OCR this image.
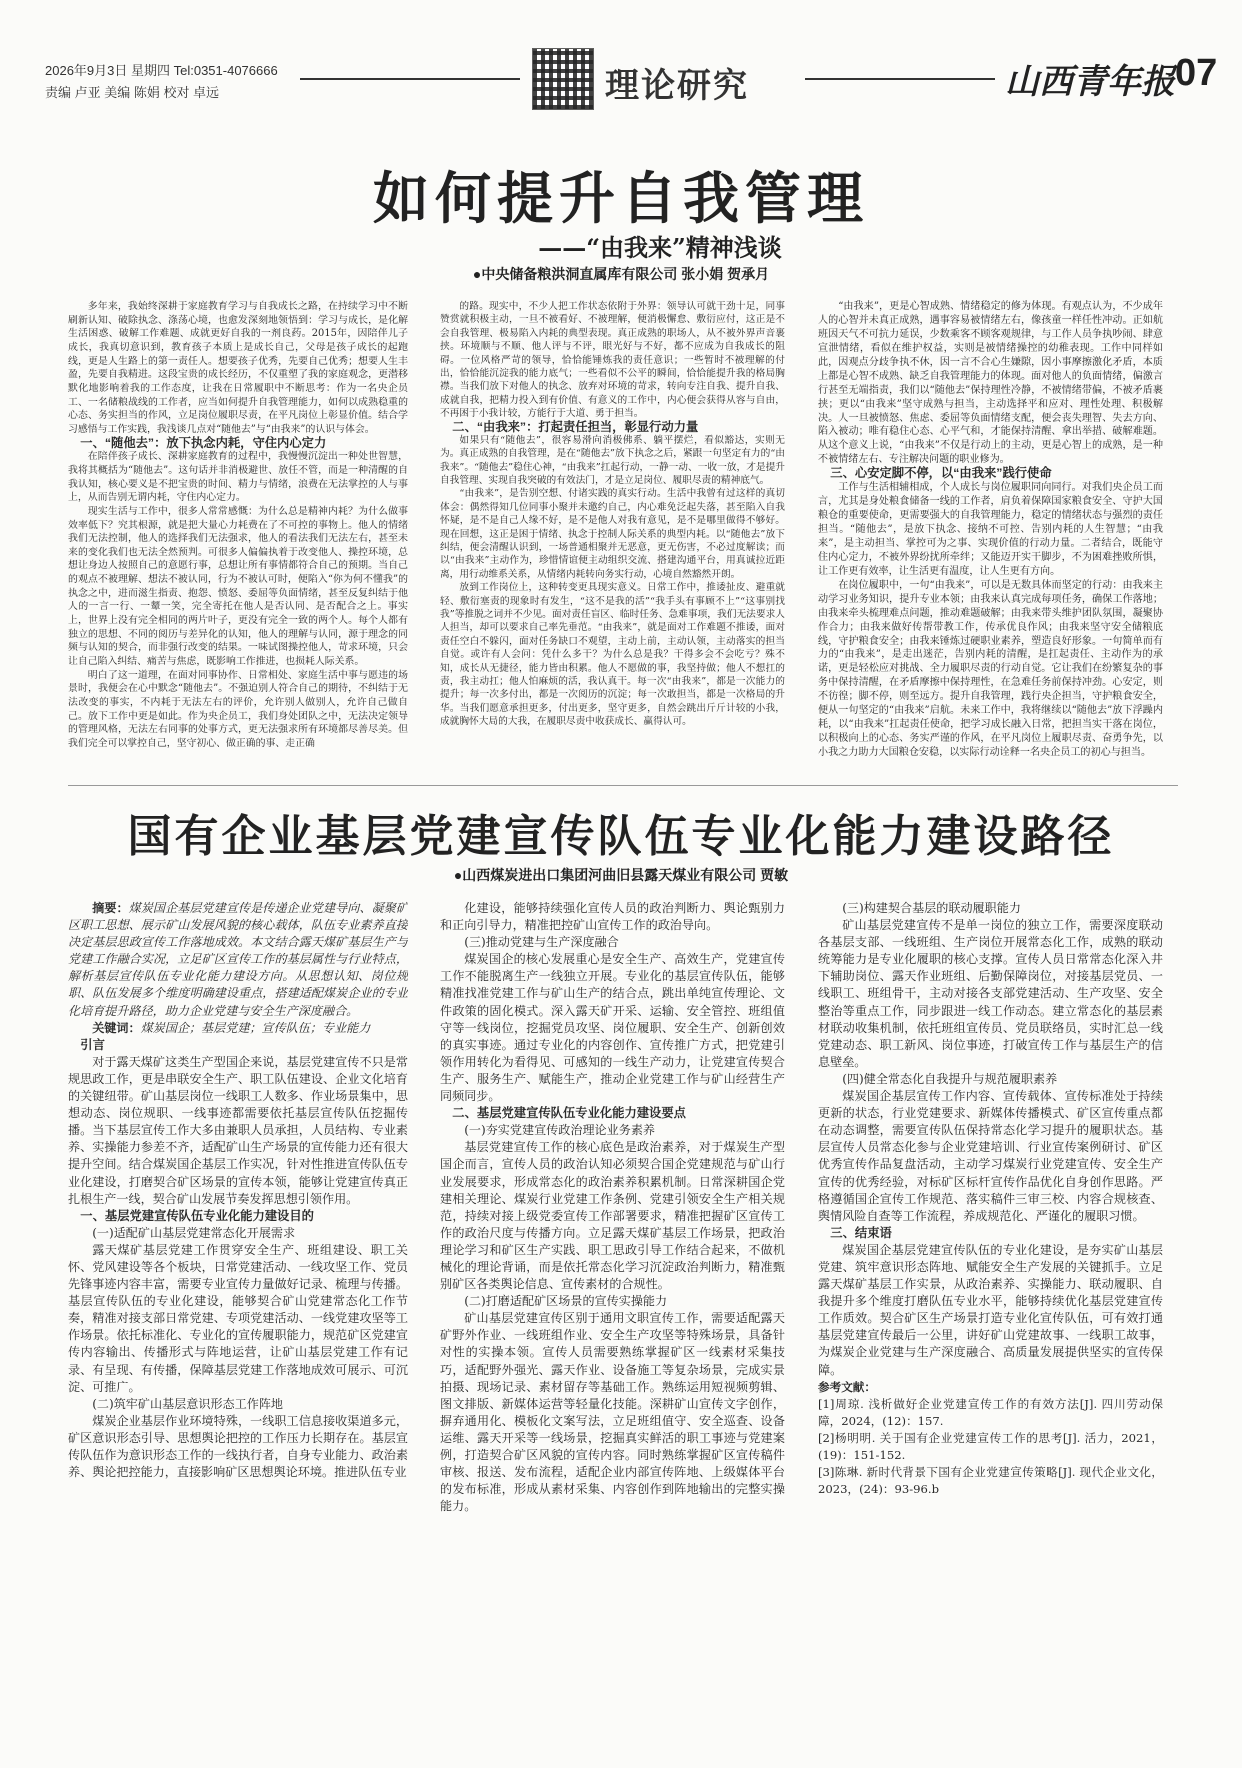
2026年9月3日 星期四 Tel:0351-4076666
责编 卢亚 美编 陈娟 校对 卓远	理论研究	山西青年报 07
如何提升自我管理
——“由我来”精神浅谈
●中央储备粮洪洞直属库有限公司 张小娟 贺承月

多年来，我始终深耕于家庭教育学习与自我成长之路，在持续学习中不断刷新认知、破除执念、涤荡心境，也愈发深刻地领悟到：学习与成长，是化解生活困惑、破解工作难题、成就更好自我的一剂良药。2015年，因陪伴儿子成长，我真切意识到，教育孩子本质上是成长自己，父母是孩子成长的起跑线，更是人生路上的第一责任人。想要孩子优秀，先要自己优秀；想要人生丰盈，先要自我精进。这段宝贵的成长经历，不仅重塑了我的家庭观念，更潜移默化地影响着我的工作态度，让我在日常履职中不断思考：作为一名央企员工、一名储粮战线的工作者，应当如何提升自我管理能力，如何以成熟稳重的心态、务实担当的作风，立足岗位履职尽责，在平凡岗位上彰显价值。结合学习感悟与工作实践，我浅谈几点对“随他去”与“由我来”的认识与体会。

一、“随他去”：放下执念内耗，守住内心定力

在陪伴孩子成长、深耕家庭教育的过程中，我慢慢沉淀出一种处世智慧，我将其概括为“随他去”。这句话并非消极避世、放任不管，而是一种清醒的自我认知，核心要义是不把宝贵的时间、精力与情绪，浪费在无法掌控的人与事上，从而告别无谓内耗，守住内心定力。

现实生活与工作中，很多人常常感慨：为什么总是精神内耗？为什么做事效率低下？究其根源，就是把大量心力耗费在了不可控的事物上。他人的情绪我们无法控制，他人的选择我们无法强求，他人的看法我们无法左右，甚至未来的变化我们也无法全然预判。可很多人偏偏执着于改变他人、操控环境，总想让身边人按照自己的意愿行事，总想让所有事情都符合自己的预期。当自己的观点不被理解、想法不被认同，行为不被认可时，便陷入“你为何不懂我”的执念之中，进而滋生指责、抱怨、愤怒、委屈等负面情绪，甚至反复纠结于他人的一言一行、一颦一笑，完全寄托在他人是否认同、是否配合之上。事实上，世界上没有完全相同的两片叶子，更没有完全一致的两个人。每个人都有独立的思想、不同的阅历与差异化的认知，他人的理解与认同，源于理念的同频与认知的契合，而非强行改变的结果。一味试图操控他人，苛求环境，只会让自己陷入纠结、痛苦与焦虑，既影响工作推进，也损耗人际关系。

明白了这一道理，在面对同事协作、日常相处、家庭生活中事与愿违的场景时，我便会在心中默念“随他去”。不强迫别人符合自己的期待，不纠结于无法改变的事实，不内耗于无法左右的评价，允许别人做别人，允许自己做自己。放下工作中更是如此。作为央企员工，我们身处团队之中，无法决定领导的管理风格，无法左右同事的处事方式，更无法强求所有环境都尽善尽美。但我们完全可以掌控自己，坚守初心、做正确的事、走正确

的路。现实中，不少人把工作状态依附于外界：领导认可就干劲十足，同事赞赏就积极主动，一旦不被看好、不被理解，便消极懈怠、敷衍应付，这正是不会自我管理、极易陷入内耗的典型表现。真正成熟的职场人，从不被外界声音裹挟。环境顺与不顺、他人评与不评，眼光好与不好，都不应成为自我成长的阻碍。一位风格严苛的领导，恰恰能锤炼我的责任意识；一些暂时不被理解的付出，恰恰能沉淀我的能力底气；一些看似不公平的瞬间，恰恰能提升我的格局胸襟。当我们放下对他人的执念、放弃对环境的苛求，转向专注自我、提升自我、成就自我，把精力投入到有价值、有意义的工作中，内心便会获得从容与自由，不再困于小我计较，方能行于大道、勇于担当。

二、“由我来”：打起责任担当，彰显行动力量

如果只有“随他去”，很容易滑向消极佛系、躺平摆烂，看似豁达，实则无为。真正成熟的自我管理，是在“随他去”放下执念之后，紧跟一句坚定有力的“由我来”。“随他去”稳住心神，“由我来”扛起行动，一静一动、一收一放，才是提升自我管理、实现自我突破的有效法门，才是立足岗位、履职尽责的精神底气。

“由我来”，是告别空想、付诸实践的真实行动。生活中我曾有过这样的真切体会：偶然得知几位同事小聚并未邀约自己，内心难免泛起失落，甚至陷入自我怀疑，是不是自己人缘不好，是不是他人对我有意见，是不是哪里做得不够好。现在回想，这正是困于情绪、执念于控制人际关系的典型内耗。以“随他去”放下纠结，便会清醒认识到，一场普通相聚并无恶意，更无伤害，不必过度解读；而以“由我来”主动作为，珍惜情谊便主动组织交流、搭建沟通平台，用真诚拉近距离，用行动维系关系，从情绪内耗转向务实行动，心境自然豁然开朗。

放到工作岗位上，这种转变更具现实意义。日常工作中，推诿扯皮、避重就轻、敷衍塞责的现象时有发生，“这不是我的活”“我手头有事顾不上”“这事别找我”等推脱之词并不少见。面对责任盲区、临时任务、急难事项，我们无法要求人人担当，却可以要求自己率先垂范。“由我来”，就是面对工作难题不推诿，面对责任空白不躲闪，面对任务缺口不观望，主动上前，主动认领，主动落实的担当自觉。或许有人会问：凭什么多干？为什么总是我？干得多会不会吃亏？殊不知，成长从无捷径，能力皆由积累。他人不愿做的事，我坚持做；他人不想扛的责，我主动扛；他人怕麻烦的活，我认真干。每一次“由我来”，都是一次能力的提升；每一次多付出，都是一次阅历的沉淀；每一次敢担当，都是一次格局的升华。当我们愿意承担更多，付出更多，坚守更多，自然会跳出斤斤计较的小我，成就胸怀大局的大我，在履职尽责中收获成长、赢得认可。

“由我来”，更是心智成熟、情绪稳定的修为体现。有观点认为，不少成年人的心智并未真正成熟，遇事容易被情绪左右，像孩童一样任性冲动。正如航班因天气不可抗力延误，少数乘客不顾客观规律，与工作人员争执吵闹、肆意宣泄情绪，看似在维护权益，实则是被情绪操控的幼稚表现。工作中同样如此，因观点分歧争执不休，因一言不合心生嫌隙，因小事摩擦激化矛盾，本质上都是心智不成熟、缺乏自我管理能力的体现。面对他人的负面情绪，偏激言行甚至无端指责，我们以“随他去”保持理性冷静，不被情绪带偏，不被矛盾裹挟；更以“由我来”坚守成熟与担当，主动选择平和应对、理性处理、积极解决。人一旦被愤怒、焦虑、委屈等负面情绪支配，便会丧失理智、失去方向、陷入被动；唯有稳住心态、心平气和，才能保持清醒、拿出举措、破解难题。从这个意义上说，“由我来”不仅是行动上的主动，更是心智上的成熟，是一种不被情绪左右、专注解决问题的职业修为。

三、心安定脚不停，以“由我来”践行使命

工作与生活相辅相成，个人成长与岗位履职同向同行。对我们央企员工而言，尤其是身处粮食储备一线的工作者，肩负着保障国家粮食安全、守护大国粮仓的重要使命，更需要强大的自我管理能力，稳定的情绪状态与强烈的责任担当。“随他去”，是放下执念、接纳不可控、告别内耗的人生智慧；“由我来”，是主动担当、掌控可为之事、实现价值的行动力量。二者结合，既能守住内心定力，不被外界纷扰所牵绊；又能迈开实干脚步，不为困难挫败所惧，让工作更有效率，让生活更有温度，让人生更有方向。

在岗位履职中，一句“由我来”，可以是无数具体而坚定的行动：由我来主动学习业务知识，提升专业本领；由我来认真完成每项任务，确保工作落地；由我来牵头梳理难点问题，推动难题破解；由我来带头维护团队氛围，凝聚协作合力；由我来做好传帮带教工作，传承优良作风；由我来坚守安全储粮底线，守护粮食安全；由我来锤炼过硬职业素养，塑造良好形象。一句简单而有力的“由我来”，是走出迷茫，告别内耗的清醒，是扛起责任、主动作为的承诺，更是轻松应对挑战、全力履职尽责的行动自觉。它让我们在纷繁复杂的事务中保持清醒，在矛盾摩擦中保持理性，在急难任务前保持冲劲。心安定，则不彷徨；脚不停，则至远方。提升自我管理，践行央企担当，守护粮食安全，便从一句坚定的“由我来”启航。未来工作中，我将继续以“随他去”放下浮躁内耗，以“由我来”扛起责任使命，把学习成长融入日常，把担当实干落在岗位，以积极向上的心态、务实严谨的作风，在平凡岗位上履职尽责、奋勇争先，以小我之力助力大国粮仓安稳，以实际行动诠释一名央企员工的初心与担当。

国有企业基层党建宣传队伍专业化能力建设路径
●山西煤炭进出口集团河曲旧县露天煤业有限公司 贾敏

摘要：煤炭国企基层党建宣传是传递企业党建导向、凝聚矿区职工思想、展示矿山发展风貌的核心载体，队伍专业素养直接决定基层思政宣传工作落地成效。本文结合露天煤矿基层生产与党建工作融合实况，立足矿区宣传工作的基层属性与行业特点，解析基层宣传队伍专业化能力建设方向。从思想认知、岗位规职、队伍发展多个维度明确建设重点，搭建适配煤炭企业的专业化培育提升路径，助力企业党建与安全生产深度融合。

关键词：煤炭国企；基层党建；宣传队伍；专业能力

引言

对于露天煤矿这类生产型国企来说，基层党建宣传不只是常规思政工作，更是串联安全生产、职工队伍建设、企业文化培育的关键纽带。矿山基层岗位一线职工人数多、作业场景集中，思想动态、岗位规职、一线事迹都需要依托基层宣传队伍挖掘传播。当下基层宣传工作大多由兼职人员承担，人员结构、专业素养、实操能力参差不齐，适配矿山生产场景的宣传能力还有很大提升空间。结合煤炭国企基层工作实况，针对性推进宣传队伍专业化建设，打磨契合矿区场景的宣传本领，能够让党建宣传真正扎根生产一线，契合矿山发展节奏发挥思想引领作用。

一、基层党建宣传队伍专业化能力建设目的

(一)适配矿山基层党建常态化开展需求

露天煤矿基层党建工作贯穿安全生产、班组建设、职工关怀、党风建设等各个板块，日常党建活动、一线攻坚工作、党员先锋事迹内容丰富，需要专业宣传力量做好记录、梳理与传播。基层宣传队伍的专业化建设，能够契合矿山党建常态化工作节奏，精准对接支部日常党建、专项党建活动、一线党建攻坚等工作场景。依托标准化、专业化的宣传履职能力，规范矿区党建宣传内容输出、传播形式与阵地运营，让矿山基层党建工作有记录、有呈现、有传播，保障基层党建工作落地成效可展示、可沉淀、可推广。

(二)筑牢矿山基层意识形态工作阵地

煤炭企业基层作业环境特殊，一线职工信息接收渠道多元，矿区意识形态引导、思想舆论把控的工作压力长期存在。基层宣传队伍作为意识形态工作的一线执行者，自身专业能力、政治素养、舆论把控能力，直接影响矿区思想舆论环境。推进队伍专业

化建设，能够持续强化宣传人员的政治判断力、舆论甄别力和正向引导力，精准把控矿山宣传工作的政治导向。

(三)推动党建与生产深度融合

煤炭国企的核心发展重心是安全生产、高效生产，党建宣传工作不能脱离生产一线独立开展。专业化的基层宣传队伍，能够精准找准党建工作与矿山生产的结合点，跳出单纯宣传理论、文件政策的固化模式。深入露天矿开采、运输、安全管控、班组值守等一线岗位，挖掘党员攻坚、岗位履职、安全生产、创新创效的真实事迹。通过专业化的内容创作、宣传推广方式，把党建引领作用转化为看得见、可感知的一线生产动力，让党建宣传契合生产、服务生产、赋能生产，推动企业党建工作与矿山经营生产同频同步。

二、基层党建宣传队伍专业化能力建设要点

(一)夯实党建宣传政治理论业务素养

基层党建宣传工作的核心底色是政治素养，对于煤炭生产型国企而言，宣传人员的政治认知必须契合国企党建规范与矿山行业发展要求，形成常态化的政治素养积累机制。日常深耕国企党建相关理论、煤炭行业党建工作条例、党建引领安全生产相关规范，持续对接上级党委宣传工作部署要求，精准把握矿区宣传工作的政治尺度与传播方向。立足露天煤矿基层工作场景，把政治理论学习和矿区生产实践、职工思政引导工作结合起来，不做机械化的理论背诵，而是依托常态化学习沉淀政治判断力，精准甄别矿区各类舆论信息、宣传素材的合规性。

(二)打磨适配矿区场景的宣传实操能力

矿山基层党建宣传区别于通用文职宣传工作，需要适配露天矿野外作业、一线班组作业、安全生产攻坚等特殊场景，具备针对性的实操本领。宣传人员需要熟练掌握矿区一线素材采集技巧，适配野外强光、露天作业、设备施工等复杂场景，完成实景拍摄、现场记录、素材留存等基础工作。熟练运用短视频剪辑、图文排版、新媒体运营等轻量化技能。深耕矿山宣传文字创作，摒弃通用化、模板化文案写法，立足班组值守、安全巡查、设备运维、露天开采等一线场景，挖掘真实鲜活的职工事迹与党建案例，打造契合矿区风貌的宣传内容。同时熟练掌握矿区宣传稿件审核、报送、发布流程，适配企业内部宣传阵地、上级媒体平台的发布标准，形成从素材采集、内容创作到阵地输出的完整实操能力。

(三)构建契合基层的联动履职能力

矿山基层党建宣传不是单一岗位的独立工作，需要深度联动各基层支部、一线班组、生产岗位开展常态化工作，成熟的联动统筹能力是专业化履职的核心支撑。宣传人员日常常态化深入井下辅助岗位、露天作业班组、后勤保障岗位，对接基层党员、一线职工、班组骨干，主动对接各支部党建活动、生产攻坚、安全整治等重点工作，同步跟进一线工作动态。建立常态化的基层素材联动收集机制，依托班组宣传员、党员联络员，实时汇总一线党建动态、职工新风、岗位事迹，打破宣传工作与基层生产的信息壁垒。

(四)健全常态化自我提升与规范履职素养

煤炭国企基层宣传工作内容、宣传载体、宣传标准处于持续更新的状态，行业党建要求、新媒体传播模式、矿区宣传重点都在动态调整，需要宣传队伍保持常态化学习提升的履职状态。基层宣传人员常态化参与企业党建培训、行业宣传案例研讨、矿区优秀宣传作品复盘活动，主动学习煤炭行业党建宣传、安全生产宣传的优秀经验，对标矿区标杆宣传作品优化自身创作思路。严格遵循国企宣传工作规范、落实稿件三审三校、内容合规核查、舆情风险自查等工作流程，养成规范化、严谨化的履职习惯。

三、结束语

煤炭国企基层党建宣传队伍的专业化建设，是夯实矿山基层党建、筑牢意识形态阵地、赋能安全生产发展的关键抓手。立足露天煤矿基层工作实景，从政治素养、实操能力、联动履职、自我提升多个维度打磨队伍专业水平，能够持续优化基层党建宣传工作质效。契合矿区生产场景打造专业化宣传队伍，可有效打通基层党建宣传最后一公里，讲好矿山党建故事、一线职工故事，为煤炭企业党建与生产深度融合、高质量发展提供坚实的宣传保障。

参考文献：

[1]周琼. 浅析做好企业党建宣传工作的有效方法[J]. 四川劳动保障，2024，(12)：157.

[2]杨明明. 关于国有企业党建宣传工作的思考[J]. 活力，2021，(19)：151-152.

[3]陈琳. 新时代背景下国有企业党建宣传策略[J]. 现代企业文化，2023，(24)：93-96.b
